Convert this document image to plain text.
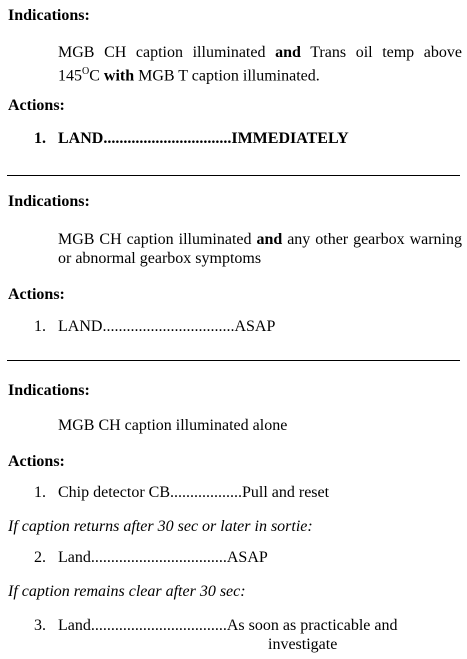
Indications:

MGB CH caption illuminated and Trans oil temp above $145^OC$ with MGB T caption illuminated.

Actions:
1. LAND ................................ IMMEDIATELY
Indications:

MGB CH caption illuminated and any other gearbox warning or abnormal gearbox symptoms

Actions:
1. LAND ................................. ASAP
Indications:

MGB CH caption illuminated alone

Actions:
1. Chip detector CB .................. Pull and reset
If caption returns after 30 sec or later in sortie:
2. Land .................................. ASAP
If caption remains clear after 30 sec:
3. Land .................................. As soon as practicable and
investigate
